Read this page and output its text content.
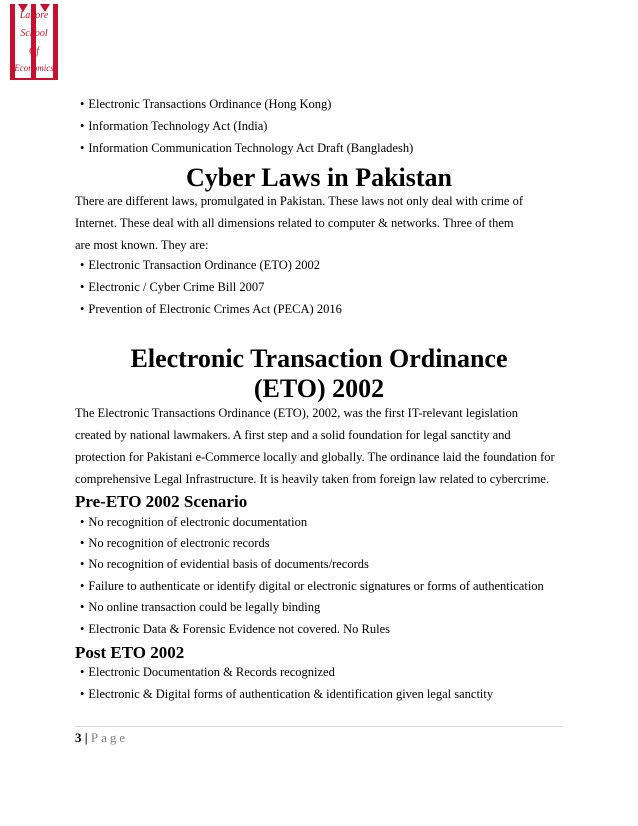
Lahore
School
Of
Economics
• Electronic Transactions Ordinance (Hong Kong)
• Information Technology Act (India)
• Information Communication Technology Act Draft (Bangladesh)
Cyber Laws in Pakistan

There are different laws, promulgated in Pakistan. These laws not only deal with crime of
Internet. These deal with all dimensions related to computer & networks. Three of them
are most known. They are:

• Electronic Transaction Ordinance (ETO) 2002
• Electronic / Cyber Crime Bill 2007
• Prevention of Electronic Crimes Act (PECA) 2016
Electronic Transaction Ordinance
(ETO) 2002

The Electronic Transactions Ordinance (ETO), 2002, was the first IT-relevant legislation
created by national lawmakers. A first step and a solid foundation for legal sanctity and
protection for Pakistani e-Commerce locally and globally. The ordinance laid the foundation for
comprehensive Legal Infrastructure. It is heavily taken from foreign law related to cybercrime.

Pre-ETO 2002 Scenario
• No recognition of electronic documentation
• No recognition of electronic records
• No recognition of evidential basis of documents/records
• Failure to authenticate or identify digital or electronic signatures or forms of authentication
• No online transaction could be legally binding
• Electronic Data & Forensic Evidence not covered. No Rules
Post ETO 2002
• Electronic Documentation & Records recognized
• Electronic & Digital forms of authentication & identification given legal sanctity
3 | Page
